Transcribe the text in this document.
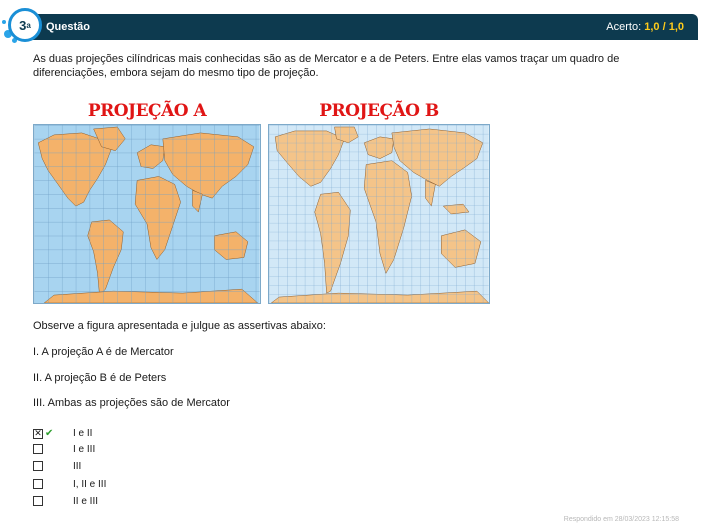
3 a Questão	Acerto: 1,0 / 1,0

As duas projeções cilíndricas mais conhecidas são as de Mercator e a de Peters. Entre elas vamos traçar um quadro de diferenciações, embora sejam do mesmo tipo de projeção.

PROJEÇÃO A	PROJEÇÃO B

Observe a figura apresentada e julgue as assertivas abaixo:

I. A projeção A é de Mercator

II. A projeção B é de Peters

III. Ambas as projeções são de Mercator

✕ ✔	I e II
I e III
III
I, II e III
II e III
Respondido em 28/03/2023 12:15:58
